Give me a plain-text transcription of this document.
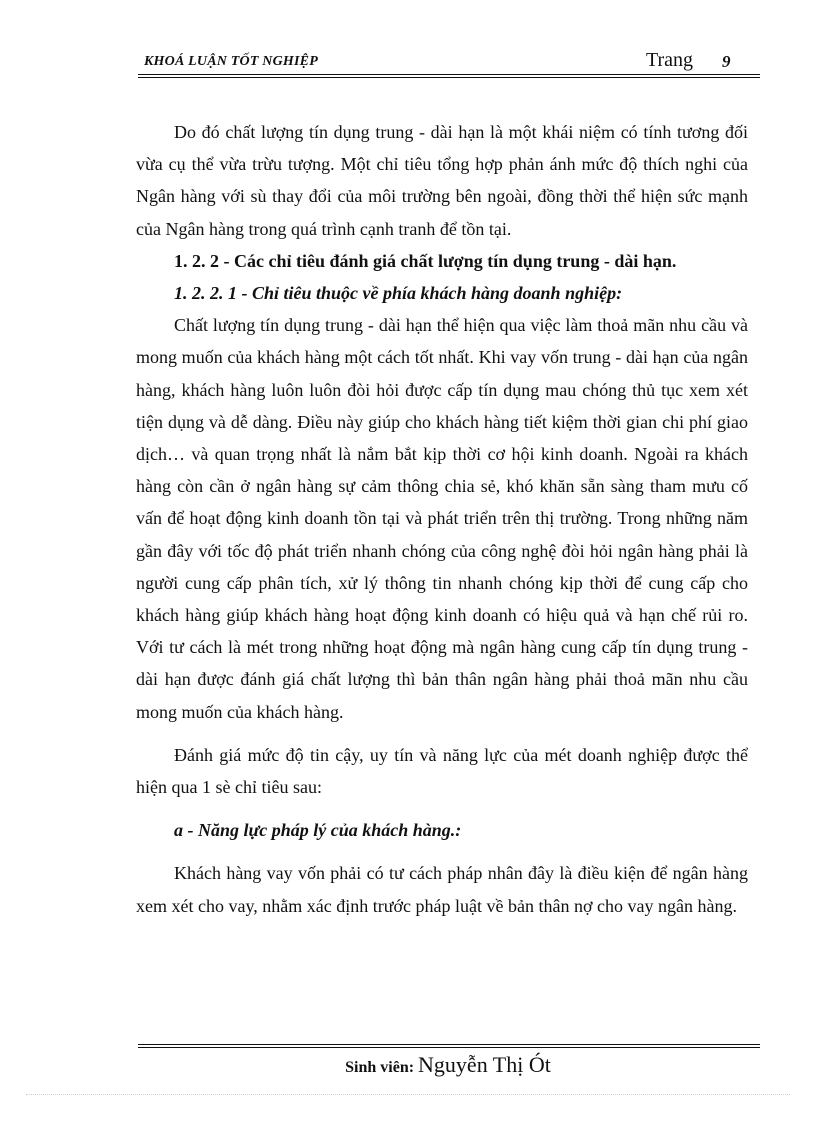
KHOÁ LUẬN TỐT NGHIỆP	Trang 9

Do đó chất lượng tín dụng trung - dài hạn là một khái niệm có tính tương đối vừa cụ thể vừa trừu tượng. Một chỉ tiêu tổng hợp phản ánh mức độ thích nghi của Ngân hàng với sù thay đổi của môi trường bên ngoài, đồng thời thể hiện sức mạnh của Ngân hàng trong quá trình cạnh tranh để tồn tại.

1. 2. 2 - Các chỉ tiêu đánh giá chất lượng tín dụng trung - dài hạn.
1. 2. 2. 1 - Chỉ tiêu thuộc về phía khách hàng doanh nghiệp:

Chất lượng tín dụng trung - dài hạn thể hiện qua việc làm thoả mãn nhu cầu và mong muốn của khách hàng một cách tốt nhất. Khi vay vốn trung - dài hạn của ngân hàng, khách hàng luôn luôn đòi hỏi được cấp tín dụng mau chóng thủ tục xem xét tiện dụng và dễ dàng. Điều này giúp cho khách hàng tiết kiệm thời gian chi phí giao dịch… và quan trọng nhất là nắm bắt kịp thời cơ hội kinh doanh. Ngoài ra khách hàng còn cần ở ngân hàng sự cảm thông chia sẻ, khó khăn sẵn sàng tham mưu cố vấn để hoạt động kinh doanh tồn tại và phát triển trên thị trường. Trong những năm gần đây với tốc độ phát triển nhanh chóng của công nghệ đòi hỏi ngân hàng phải là người cung cấp phân tích, xử lý thông tin nhanh chóng kịp thời để cung cấp cho khách hàng giúp khách hàng hoạt động kinh doanh có hiệu quả và hạn chế rủi ro. Với tư cách là mét trong những hoạt động mà ngân hàng cung cấp tín dụng trung - dài hạn được đánh giá chất lượng thì bản thân ngân hàng phải thoả mãn nhu cầu mong muốn của khách hàng.

Đánh giá mức độ tin cậy, uy tín và năng lực của mét doanh nghiệp được thể hiện qua 1 sè chỉ tiêu sau:

a - Năng lực pháp lý của khách hàng.:

Khách hàng vay vốn phải có tư cách pháp nhân đây là điều kiện để ngân hàng xem xét cho vay, nhằm xác định trước pháp luật về bản thân nợ cho vay ngân hàng.

Sinh viên: Nguyễn Thị Ót
